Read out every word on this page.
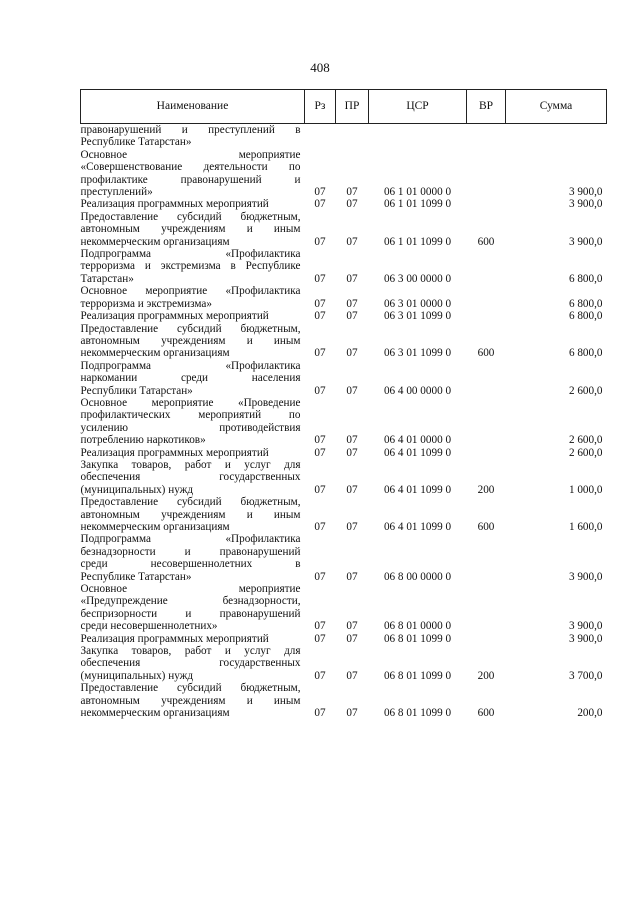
408
Наименование	Рз	ПР	ЦСР	ВР	Сумма

правонарушений и преступлений в
Республике Татарстан»					

Основное мероприятие
«Совершенствование деятельности по
профилактике правонарушений и
преступлений»	07	07	06 1 01 0000 0		3 900,0

Реализация программных мероприятий	07	07	06 1 01 1099 0		3 900,0

Предоставление субсидий бюджетным,
автономным учреждениям и иным
некоммерческим организациям	07	07	06 1 01 1099 0	600	3 900,0

Подпрограмма «Профилактика
терроризма и экстремизма в Республике
Татарстан»	07	07	06 3 00 0000 0		6 800,0

Основное мероприятие «Профилактика
терроризма и экстремизма»	07	07	06 3 01 0000 0		6 800,0

Реализация программных мероприятий	07	07	06 3 01 1099 0		6 800,0

Предоставление субсидий бюджетным,
автономным учреждениям и иным
некоммерческим организациям	07	07	06 3 01 1099 0	600	6 800,0

Подпрограмма «Профилактика
наркомании среди населения
Республики Татарстан»	07	07	06 4 00 0000 0		2 600,0

Основное мероприятие «Проведение
профилактических мероприятий по
усилению противодействия
потреблению наркотиков»	07	07	06 4 01 0000 0		2 600,0

Реализация программных мероприятий	07	07	06 4 01 1099 0		2 600,0

Закупка товаров, работ и услуг для
обеспечения государственных
(муниципальных) нужд	07	07	06 4 01 1099 0	200	1 000,0

Предоставление субсидий бюджетным,
автономным учреждениям и иным
некоммерческим организациям	07	07	06 4 01 1099 0	600	1 600,0

Подпрограмма «Профилактика
безнадзорности и правонарушений
среди несовершеннолетних в
Республике Татарстан»	07	07	06 8 00 0000 0		3 900,0

Основное мероприятие
«Предупреждение безнадзорности,
беспризорности и правонарушений
среди несовершеннолетних»	07	07	06 8 01 0000 0		3 900,0

Реализация программных мероприятий	07	07	06 8 01 1099 0		3 900,0

Закупка товаров, работ и услуг для
обеспечения государственных
(муниципальных) нужд	07	07	06 8 01 1099 0	200	3 700,0

Предоставление субсидий бюджетным,
автономным учреждениям и иным
некоммерческим организациям	07	07	06 8 01 1099 0	600	200,0
